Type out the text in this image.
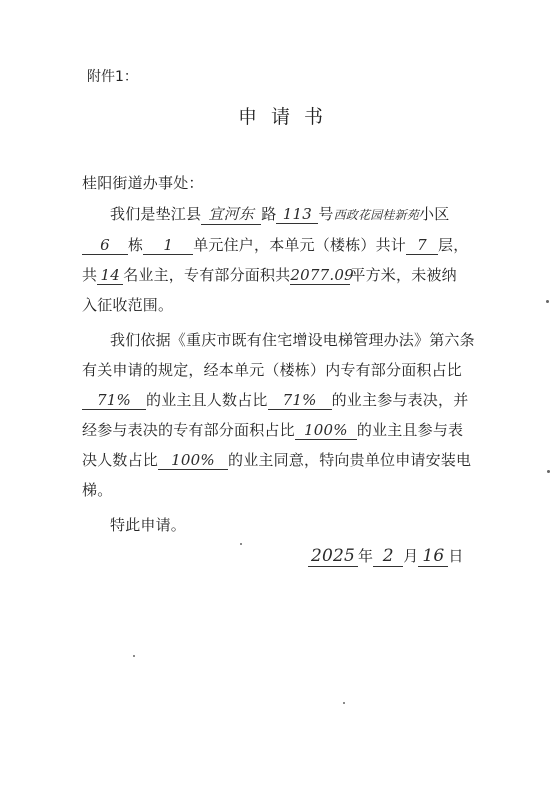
附件1：
申请书
桂阳街道办事处：
我们是垫江县 宜河东 路 113 号西政花园桂新苑小区
6 栋 1 单元住户，本单元（楼栋）共计 7 层，
共 14 名业主，专有部分面积共2077.09平方米，未被纳
入征收范围。
我们依据《重庆市既有住宅增设电梯管理办法》第六条
有关申请的规定，经本单元（楼栋）内专有部分面积占比
71% 的业主且人数占比 71% 的业主参与表决，并
经参与表决的专有部分面积占比 100% 的业主且参与表
决人数占比 100% 的业主同意，特向贵单位申请安装电
梯。
特此申请。
2025 年 2 月 16 日
